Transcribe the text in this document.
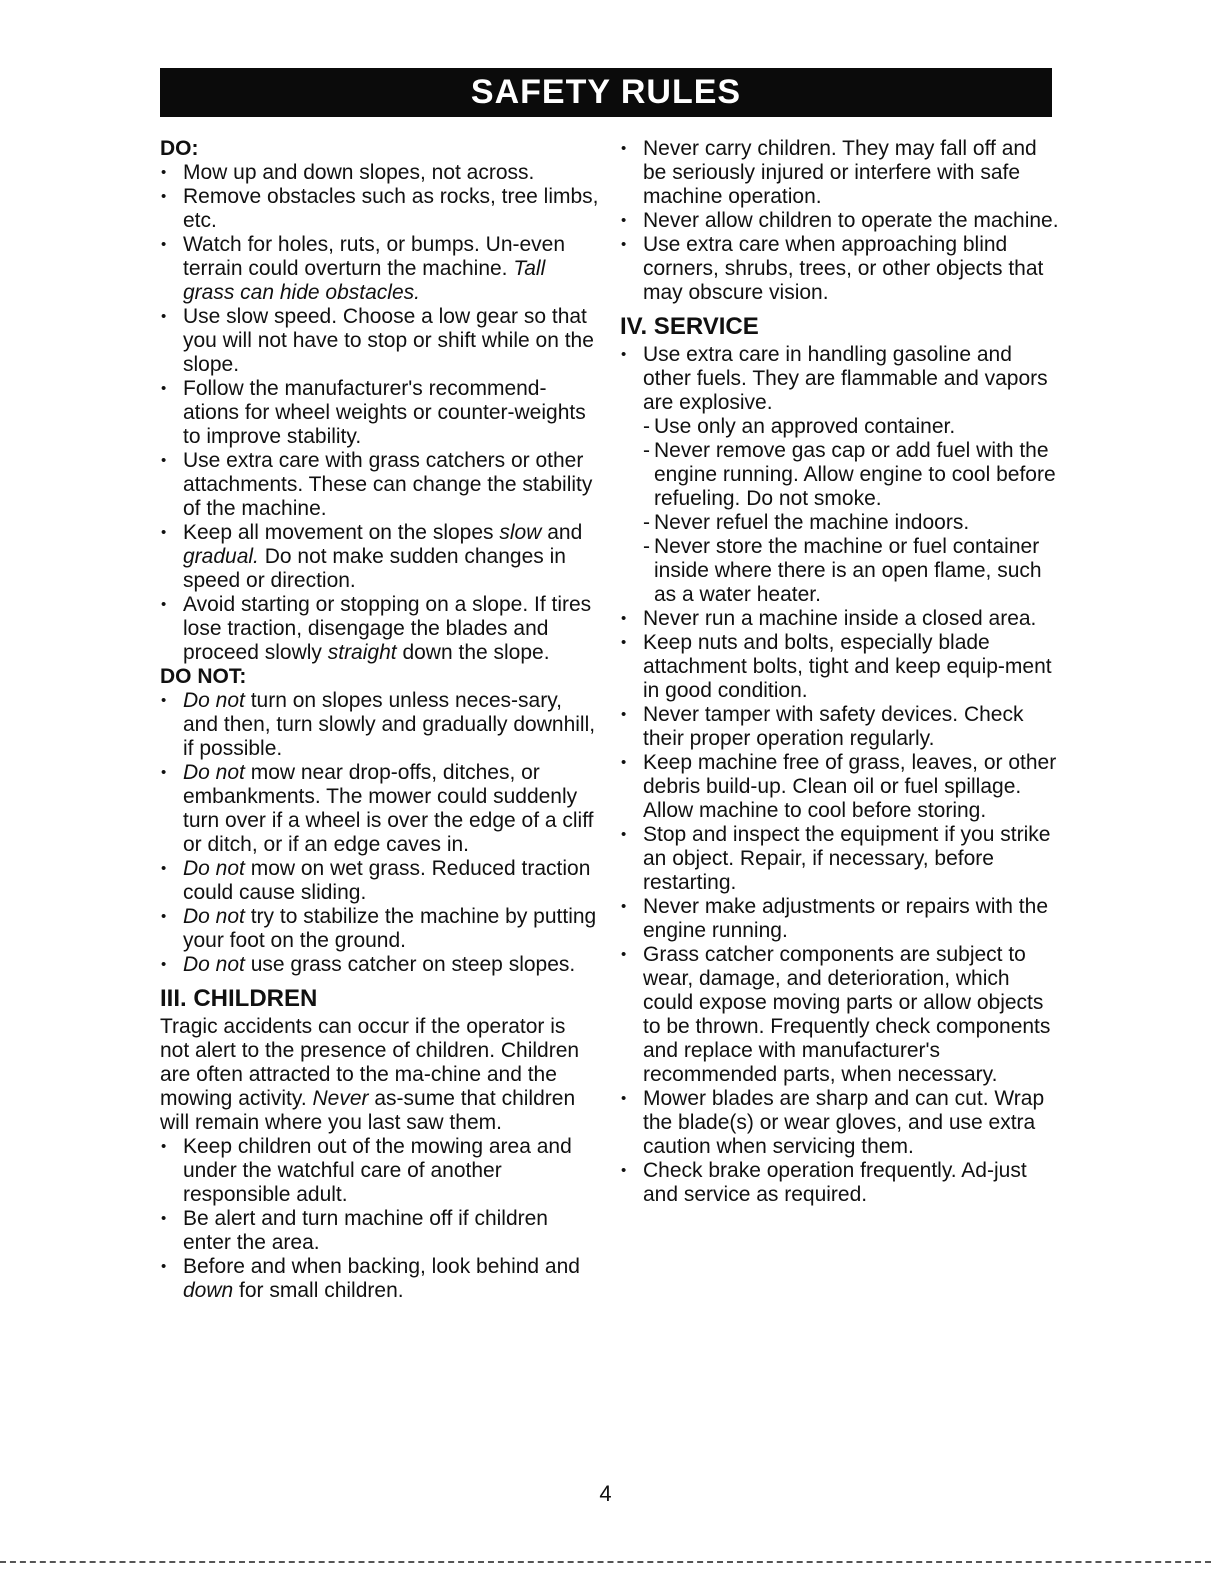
SAFETY RULES

DO:

• Mow up and down slopes, not across.

• Remove obstacles such as rocks, tree limbs, etc.

• Watch for holes, ruts, or bumps. Un-even terrain could overturn the machine. Tall grass can hide obstacles.

• Use slow speed. Choose a low gear so that you will not have to stop or shift while on the slope.

• Follow the manufacturer's recommend-ations for wheel weights or counter-weights to improve stability.

• Use extra care with grass catchers or other attachments. These can change the stability of the machine.

• Keep all movement on the slopes slow and gradual. Do not make sudden changes in speed or direction.

• Avoid starting or stopping on a slope. If tires lose traction, disengage the blades and proceed slowly straight down the slope.

DO NOT:

• Do not turn on slopes unless neces-sary, and then, turn slowly and gradually downhill, if possible.

• Do not mow near drop-offs, ditches, or embankments. The mower could suddenly turn over if a wheel is over the edge of a cliff or ditch, or if an edge caves in.

• Do not mow on wet grass. Reduced traction could cause sliding.

• Do not try to stabilize the machine by putting your foot on the ground.

• Do not use grass catcher on steep slopes.

III. CHILDREN

Tragic accidents can occur if the operator is not alert to the presence of children. Children are often attracted to the ma-chine and the mowing activity. Never as-sume that children will remain where you last saw them.

• Keep children out of the mowing area and under the watchful care of another responsible adult.

• Be alert and turn machine off if children enter the area.

• Before and when backing, look behind and down for small children.

• Never carry children. They may fall off and be seriously injured or interfere with safe machine operation.

• Never allow children to operate the machine.

• Use extra care when approaching blind corners, shrubs, trees, or other objects that may obscure vision.

IV. SERVICE

• Use extra care in handling gasoline and other fuels. They are flammable and vapors are explosive.

- Use only an approved container.

- Never remove gas cap or add fuel with the engine running. Allow engine to cool before refueling. Do not smoke.

- Never refuel the machine indoors.

- Never store the machine or fuel container inside where there is an open flame, such as a water heater.

• Never run a machine inside a closed area.

• Keep nuts and bolts, especially blade attachment bolts, tight and keep equip-ment in good condition.

• Never tamper with safety devices. Check their proper operation regularly.

• Keep machine free of grass, leaves, or other debris build-up. Clean oil or fuel spillage. Allow machine to cool before storing.

• Stop and inspect the equipment if you strike an object. Repair, if necessary, before restarting.

• Never make adjustments or repairs with the engine running.

• Grass catcher components are subject to wear, damage, and deterioration, which could expose moving parts or allow objects to be thrown. Frequently check components and replace with manufacturer's recommended parts, when necessary.

• Mower blades are sharp and can cut. Wrap the blade(s) or wear gloves, and use extra caution when servicing them.

• Check brake operation frequently. Ad-just and service as required.

4
